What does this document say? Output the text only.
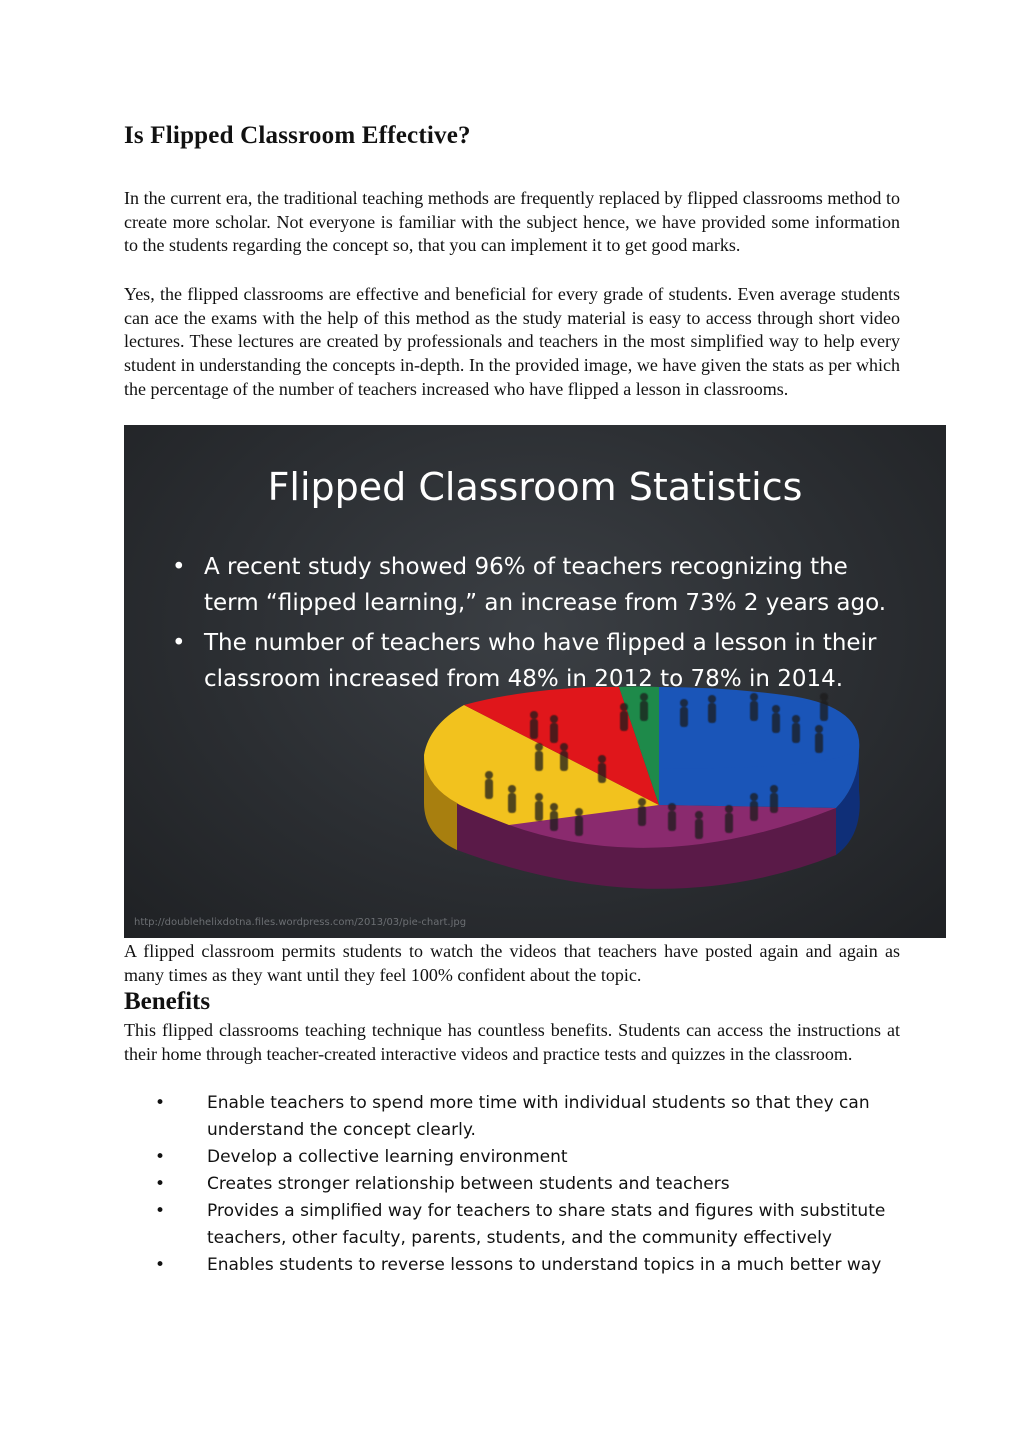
Is Flipped Classroom Effective?

In the current era, the traditional teaching methods are frequently replaced by flipped classrooms method to create more scholar. Not everyone is familiar with the subject hence, we have provided some information to the students regarding the concept so, that you can implement it to get good marks.

Yes, the flipped classrooms are effective and beneficial for every grade of students. Even average students can ace the exams with the help of this method as the study material is easy to access through short video lectures. These lectures are created by professionals and teachers in the most simplified way to help every student in understanding the concepts in-depth. In the provided image, we have given the stats as per which the percentage of the number of teachers increased who have flipped a lesson in classrooms.

Flipped Classroom Statistics
• A recent study showed 96% of teachers recognizing the term “flipped learning,” an increase from 73% 2 years ago.
• The number of teachers who have flipped a lesson in their classroom increased from 48% in 2012 to 78% in 2014.
http://doublehelixdotna.files.wordpress.com/2013/03/pie-chart.jpg

A flipped classroom permits students to watch the videos that teachers have posted again and again as many times as they want until they feel 100% confident about the topic.

Benefits

This flipped classrooms teaching technique has countless benefits. Students can access the instructions at their home through teacher-created interactive videos and practice tests and quizzes in the classroom.

• Enable teachers to spend more time with individual students so that they can understand the concept clearly.
• Develop a collective learning environment
• Creates stronger relationship between students and teachers
• Provides a simplified way for teachers to share stats and figures with substitute teachers, other faculty, parents, students, and the community effectively
• Enables students to reverse lessons to understand topics in a much better way
